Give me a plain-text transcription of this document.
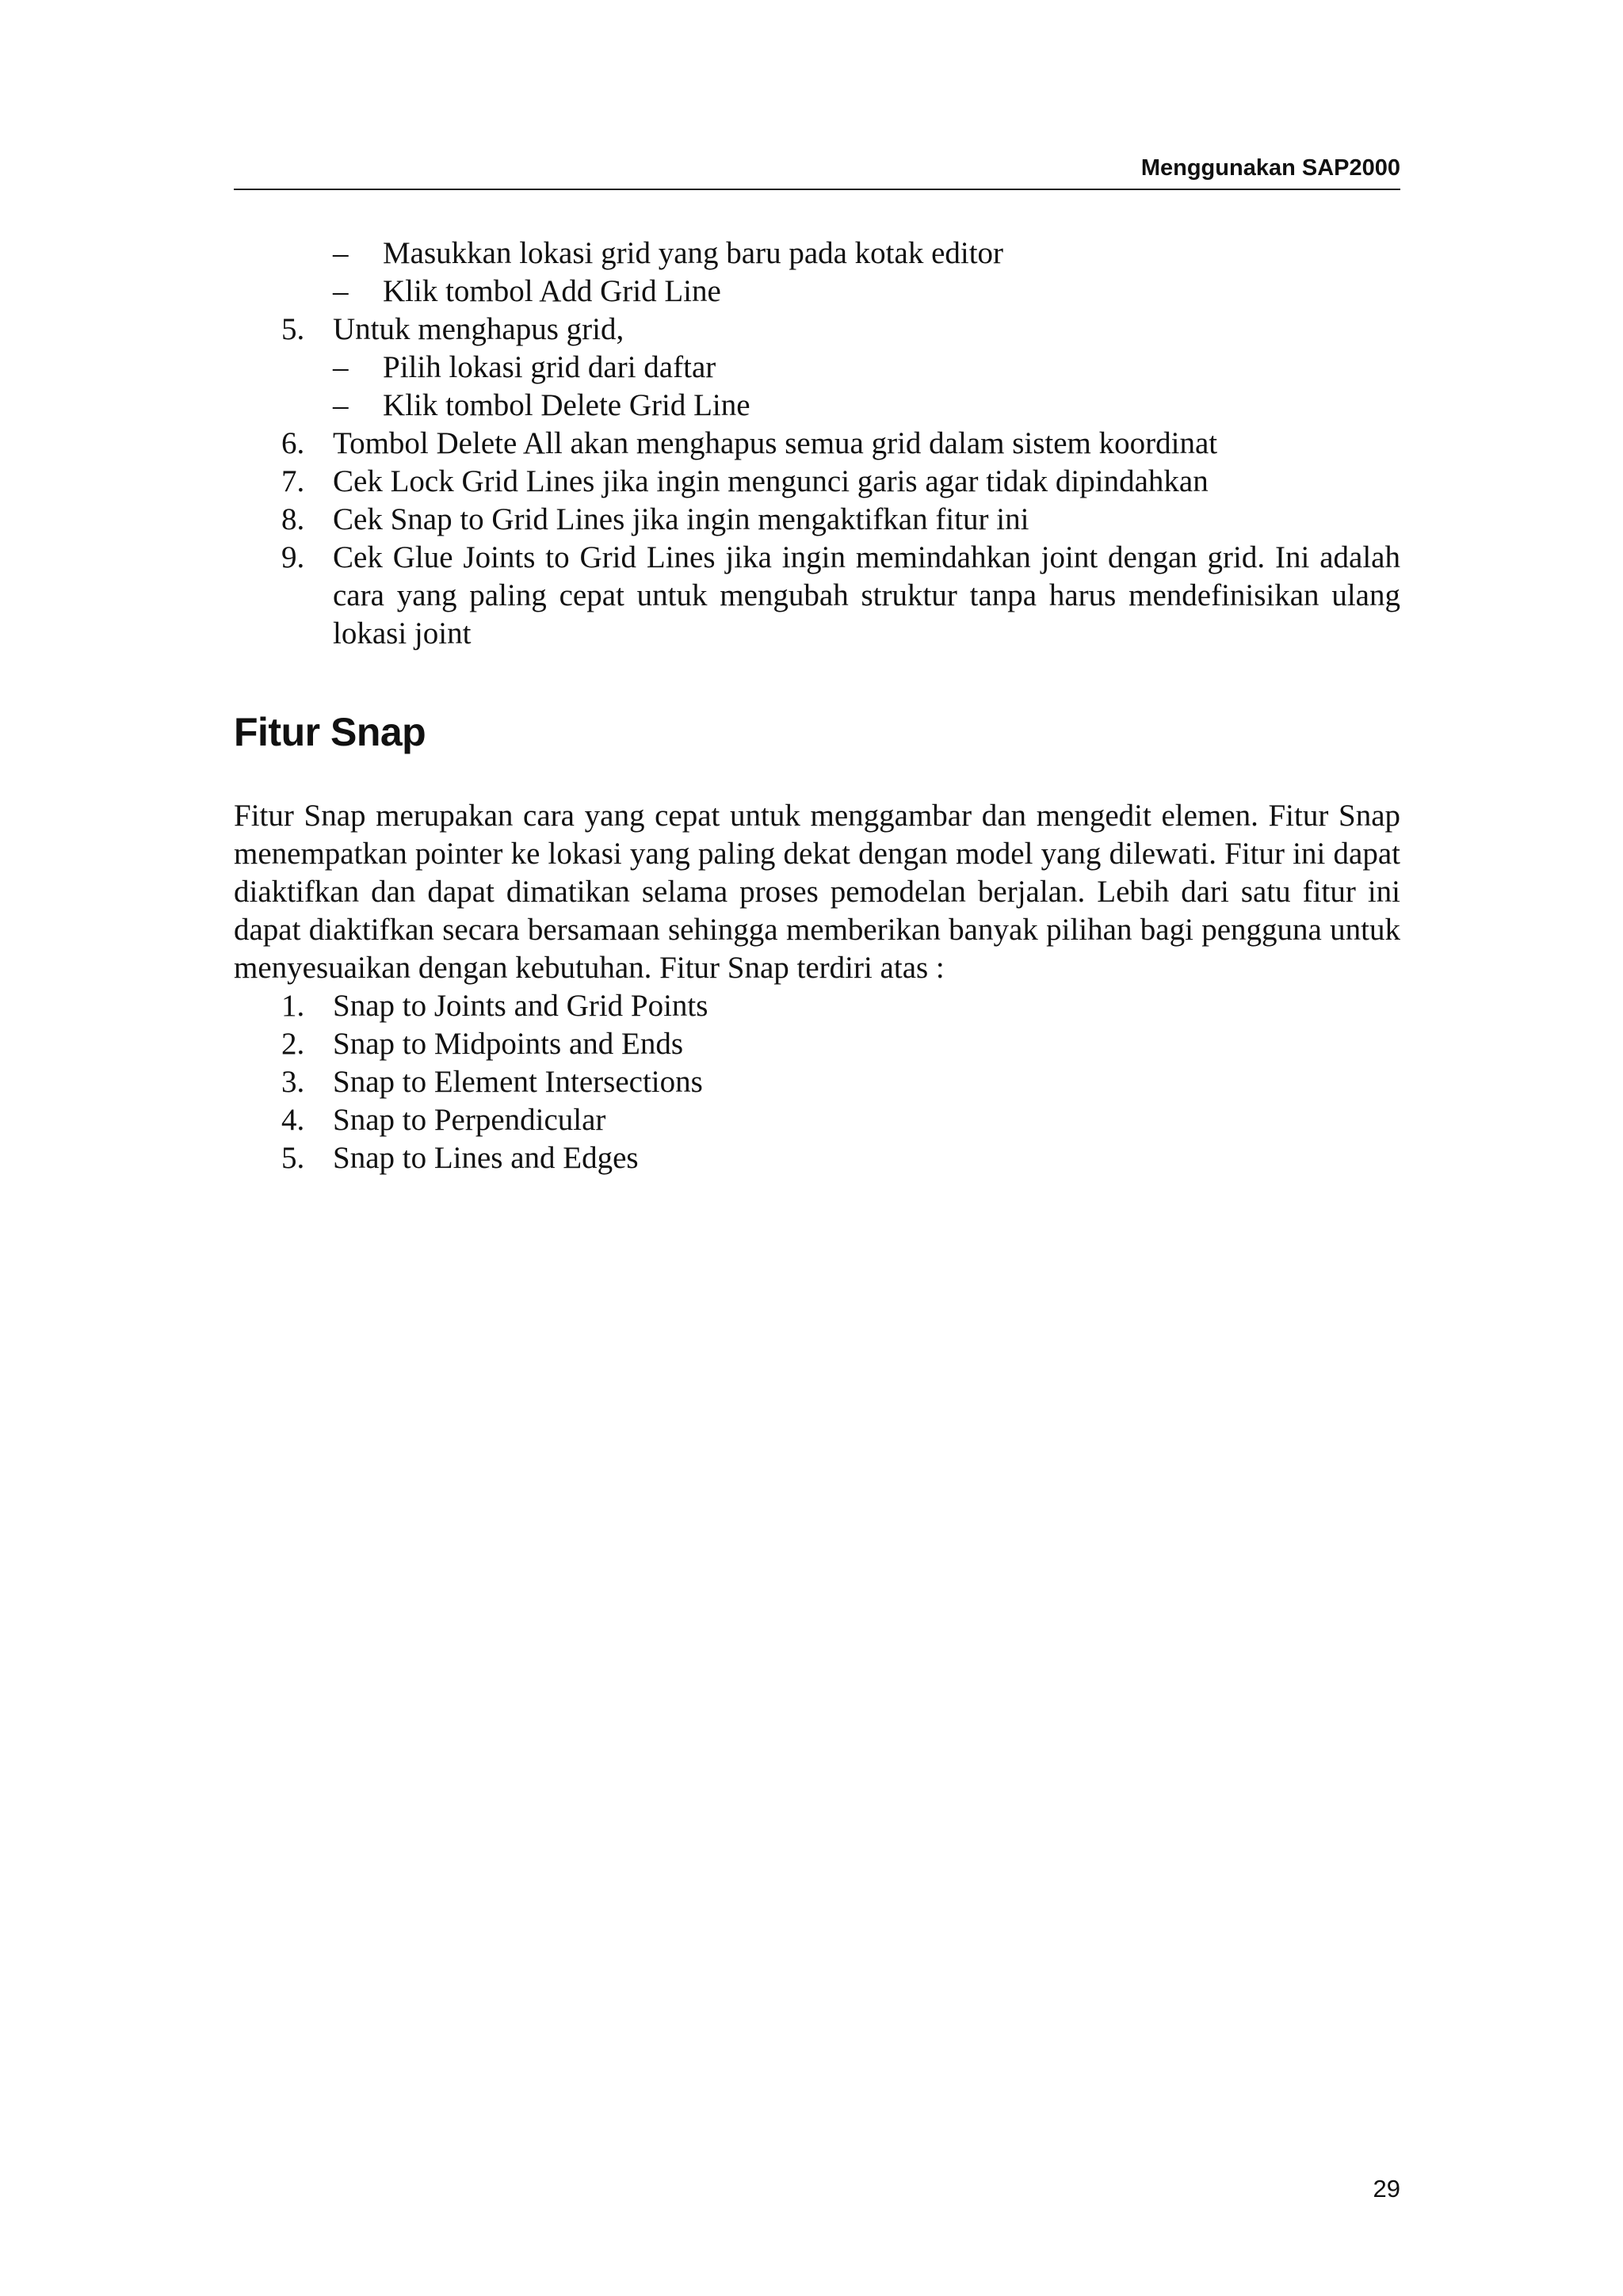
Menggunakan SAP2000
–	Masukkan lokasi grid yang baru pada kotak editor
–	Klik tombol Add Grid Line
5. Untuk menghapus grid,
–	Pilih lokasi grid dari daftar
–	Klik tombol Delete Grid Line
6. Tombol Delete All akan menghapus semua grid dalam sistem koordinat
7. Cek Lock Grid Lines jika ingin mengunci garis agar tidak dipindahkan
8. Cek Snap to Grid Lines jika ingin mengaktifkan fitur ini
9. Cek Glue Joints to Grid Lines jika ingin memindahkan joint dengan grid. Ini adalah cara yang paling cepat untuk mengubah struktur tanpa harus mendefinisikan ulang lokasi joint
Fitur Snap
Fitur Snap merupakan cara yang cepat untuk menggambar dan mengedit elemen. Fitur Snap menempatkan pointer ke lokasi yang paling dekat dengan model yang dilewati. Fitur ini dapat diaktifkan dan dapat dimatikan selama proses pemodelan berjalan. Lebih dari satu fitur ini dapat diaktifkan secara bersamaan sehingga memberikan banyak pilihan bagi pengguna untuk menyesuaikan dengan kebutuhan. Fitur Snap terdiri atas :
1. Snap to Joints and Grid Points
2. Snap to Midpoints and Ends
3. Snap to Element Intersections
4. Snap to Perpendicular
5. Snap to Lines and Edges
29
